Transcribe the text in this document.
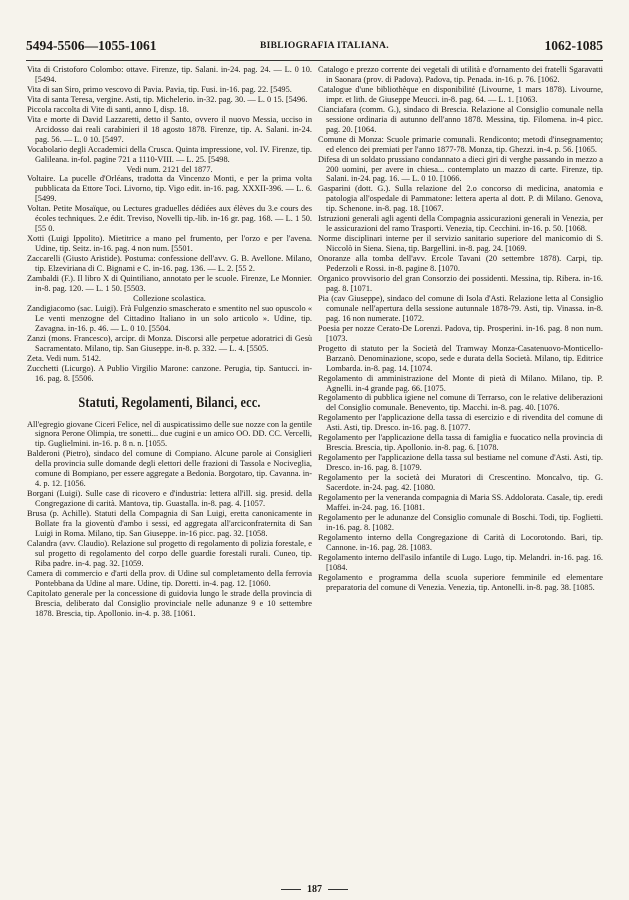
5494-5506—1055-1061	BIBLIOGRAFIA ITALIANA.	1062-1085

Vita di Cristoforo Colombo: ottave. Firenze, tip. Salani. in-24. pag. 24. — L. 0 10. [5494.

Vita di san Siro, primo vescovo di Pavia. Pavia, tip. Fusi. in-16. pag. 22. [5495.

Vita di santa Teresa, vergine. Asti, tip. Michelerio. in-32. pag. 30. — L. 0 15. [5496.

Piccola raccolta di Vite di santi, anno I, disp. 18.

Vita e morte di David Lazzaretti, detto il Santo, ovvero il nuovo Messia, ucciso in Arcidosso dai reali carabinieri il 18 agosto 1878. Firenze, tip. A. Salani. in-24. pag. 56. — L. 0 10. [5497.

Vocabolario degli Accademici della Crusca. Quinta impressione, vol. IV. Firenze, tip. Galileana. in-fol. pagine 721 a 1110-VIII. — L. 25. [5498.

Vedi num. 2121 del 1877.

Voltaire. La pucelle d'Orléans, tradotta da Vincenzo Monti, e per la prima volta pubblicata da Ettore Toci. Livorno, tip. Vigo edit. in-16. pag. XXXII-396. — L. 6. [5499.

Voltan. Petite Mosaïque, ou Lectures graduelles dédiées aux élèves du 3.e cours des écoles techniques. 2.e édit. Treviso, Novelli tip.-lib. in-16 gr. pag. 168. — L. 1 50. [55 0.

Xotti (Luigi Ippolito). Mietitrice a mano pel frumento, per l'orzo e per l'avena. Udine, tip. Seitz. in-16. pag. 4 non num. [5501.

Zaccarelli (Giusto Aristide). Postuma: confessione dell'avv. G. B. Avellone. Milano, tip. Elzeviriana di C. Bignami e C. in-16. pag. 136. — L. 2. [55 2.

Zambaldi (F.). Il libro X di Quintiliano, annotato per le scuole. Firenze, Le Monnier. in-8. pag. 120. — L. 1 50. [5503.

Collezione scolastica.

Zandigiacomo (sac. Luigi). Frà Fulgenzio smascherato e smentito nel suo opuscolo « Le venti menzogne del Cittadino Italiano in un solo articolo ». Udine, tip. Zavagna. in-16. p. 46. — L. 0 10. [5504.

Zanzi (mons. Francesco), arcipr. di Monza. Discorsi alle perpetue adoratrici di Gesù Sacramentato. Milano, tip. San Giuseppe. in-8. p. 332. — L. 4. [5505.

Zeta. Vedi num. 5142.

Zucchetti (Licurgo). A Publio Virgilio Marone: canzone. Perugia, tip. Santucci. in-16. pag. 8. [5506.

Statuti, Regolamenti, Bilanci, ecc.

All'egregio giovane Ciceri Felice, nel dì auspicatissimo delle sue nozze con la gentile signora Perone Olimpia, tre sonetti... due cugini e un amico OO. DD. CC. Vercelli, tip. Guglielmini. in-16. p. 8 n. n. [1055.

Balderoni (Pietro), sindaco del comune di Compiano. Alcune parole ai Consiglieri della provincia sulle domande degli elettori delle frazioni di Tassola e Nocivegliа, comune di Bompiano, per essere aggregate a Bedonia. Borgotaro, tip. Cavanna. in-4. p. 12. [1056.

Borgani (Luigi). Sulle case di ricovero e d'industria: lettera all'ill. sig. presid. della Congregazione di carità. Mantova, tip. Guastalla. in-8. pag. 4. [1057.

Brusa (p. Achille). Statuti della Compagnia di San Luigi, eretta canonicamente in Bollate fra la gioventù d'ambo i sessi, ed aggregata all'arciconfraternita di San Luigi in Roma. Milano, tip. San Giuseppe. in-16 picc. pag. 32. [1058.

Calandra (avv. Claudio). Relazione sul progetto di regolamento di polizia forestale, e sul progetto di regolamento del corpo delle guardie forestali rurali. Cuneo, tip. Riba padre. in-4. pag. 32. [1059.

Camera di commercio e d'arti della prov. di Udine sul completamento della ferrovia Pontebbana da Udine al mare. Udine, tip. Doretti. in-4. pag. 12. [1060.

Capitolato generale per la concessione di guidovia lungo le strade della provincia di Brescia, deliberato dal Consiglio provinciale nelle adunanze 9 e 10 settembre 1878. Brescia, tip. Apollonio. in-4. p. 38. [1061.

Catalogo e prezzo corrente dei vegetali di utilità e d'ornamento dei fratelli Sgaravatti in Saonara (prov. di Padova). Padova, tip. Penada. in-16. p. 76. [1062.

Catalogue d'une bibliothèque en disponibilité (Livourne, 1 mars 1878). Livourne, impr. et lith. de Giuseppe Meucci. in-8. pag. 64. — L. 1. [1063.

Cianciafara (comm. G.), sindaco di Brescia. Relazione al Consiglio comunale nella sessione ordinaria di autunno dell'anno 1878. Messina, tip. Filomena. in-4 picc. pag. 20. [1064.

Comune di Monza: Scuole primarie comunali. Rendiconto; metodi d'insegnamento; ed elenco dei premiati per l'anno 1877-78. Monza, tip. Ghezzi. in-4. p. 56. [1065.

Difesa di un soldato prussiano condannato a dieci giri di verghe passando in mezzo a 200 uomini, per avere in chiesa... contemplato un mazzo di carte. Firenze, tip. Salani. in-24. pag. 16. — L. 0 10. [1066.

Gasparini (dott. G.). Sulla relazione del 2.o concorso di medicina, anatomia e patologia all'ospedale di Pammatone: lettera aperta al dott. P. di Milano. Genova, tip. Schenone. in-8. pag. 18. [1067.

Istruzioni generali agli agenti della Compagnia assicurazioni generali in Venezia, per le assicurazioni del ramo Trasporti. Venezia, tip. Cecchini. in-16. p. 50. [1068.

Norme disciplinari interne per il servizio sanitario superiore del manicomio di S. Niccolò in Siena. Siena, tip. Bargellini. in-8. pag. 24. [1069.

Onoranze alla tomba dell'avv. Ercole Tavani (20 settembre 1878). Carpi, tip. Pederzoli e Rossi. in-8. pagine 8. [1070.

Organico provvisorio del gran Consorzio dei possidenti. Messina, tip. Ribera. in-16. pag. 8. [1071.

Pia (cav Giuseppe), sindaco del comune di Isola d'Asti. Relazione letta al Consiglio comunale nell'apertura della sessione autunnale 1878-79. Asti, tip. Vinassa. in-8. pag. 16 non numerate. [1072.

Poesia per nozze Cerato-De Lorenzi. Padova, tip. Prosperini. in-16. pag. 8 non num. [1073.

Progetto di statuto per la Società del Tramway Monza-Casatenuovo-Monticello-Barzanò. Denominazione, scopo, sede e durata della Società. Milano, tip. Editrice Lombarda. in-8. pag. 14. [1074.

Regolamento di amministrazione del Monte di pietà di Milano. Milano, tip. P. Agnelli. in-4 grande pag. 66. [1075.

Regolamento di pubblica igiene nel comune di Terrarso, con le relative deliberazioni del Consiglio comunale. Benevento, tip. Macchi. in-8. pag. 40. [1076.

Regolamento per l'applicazione della tassa di esercizio e di rivendita del comune di Asti. Asti, tip. Dresco. in-16. pag. 8. [1077.

Regolamento per l'applicazione della tassa di famiglia e fuocatico nella provincia di Brescia. Brescia, tip. Apollonio. in-8. pag. 6. [1078.

Regolamento per l'applicazione della tassa sul bestiame nel comune d'Asti. Asti, tip. Dresco. in-16. pag. 8. [1079.

Regolamento per la società dei Muratori di Crescentino. Moncalvo, tip. G. Sacerdote. in-24. pag. 42. [1080.

Regolamento per la veneranda compagnia di Maria SS. Addolorata. Casale, tip. eredi Maffei. in-24. pag. 16. [1081.

Regolamento per le adunanze del Consiglio comunale di Boschi. Todi, tip. Foglietti. in-16. pag. 8. [1082.

Regolamento interno della Congregazione di Carità di Locorotondo. Bari, tip. Cannone. in-16. pag. 28. [1083.

Regolamento interno dell'asilo infantile di Lugo. Lugo, tip. Melandri. in-16. pag. 16. [1084.

Regolamento e programma della scuola superiore femminile ed elementare preparatoria del comune di Venezia. Venezia, tip. Antonelli. in-8. pag. 38. [1085.

187
